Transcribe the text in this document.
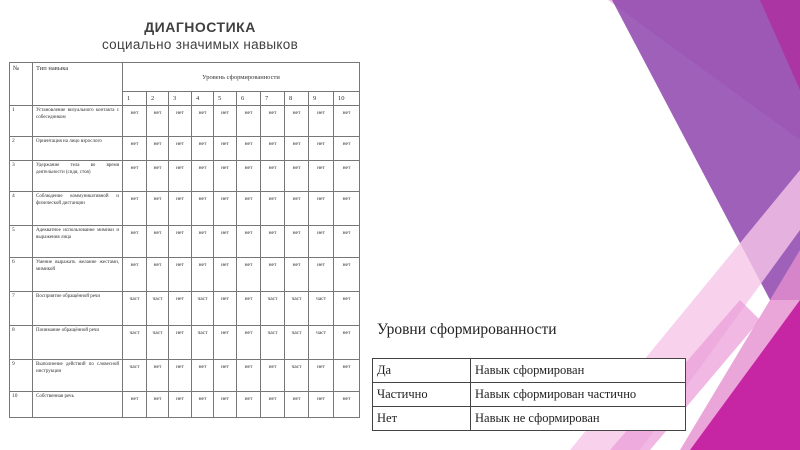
ДИАГНОСТИКА
социально значимых навыков
№	Тип навыка	Уровень сформированности									
		1	2	3	4	5	6	7	8	9	10
1	Установление визуального контакта с собеседником	нет	нет	нет	нет	нет	нет	нет	нет	нет	нет
2	Ориентация на лицо взрослого	нет	нет	нет	нет	нет	нет	нет	нет	нет	нет
3	Удержание тела во время деятельности (сидя, стоя)	нет	нет	нет	нет	нет	нет	нет	нет	нет	нет
4	Соблюдение коммуникативной и физической дистанции	нет	нет	нет	нет	нет	нет	нет	нет	нет	нет
5	Адекватное использование мимики и выражения лица	нет	нет	нет	нет	нет	нет	нет	нет	нет	нет
6	Умение выражать желание жестами, мимикой	нет	нет	нет	нет	нет	нет	нет	нет	нет	нет
7	Восприятие обращённой речи	част	част	нет	част	нет	нет	част	част	част	нет
8	Понимание обращённой речи	част	част	нет	част	нет	нет	част	част	част	нет
9	Выполнение действий по словесной инструкции	част	нет	нет	нет	нет	нет	нет	част	нет	нет
10	Собственная речь	нет	нет	нет	нет	нет	нет	нет	нет	нет	нет
Уровни сформированности
Да	Навык сформирован
Частично	Навык сформирован частично
Нет	Навык не сформирован
